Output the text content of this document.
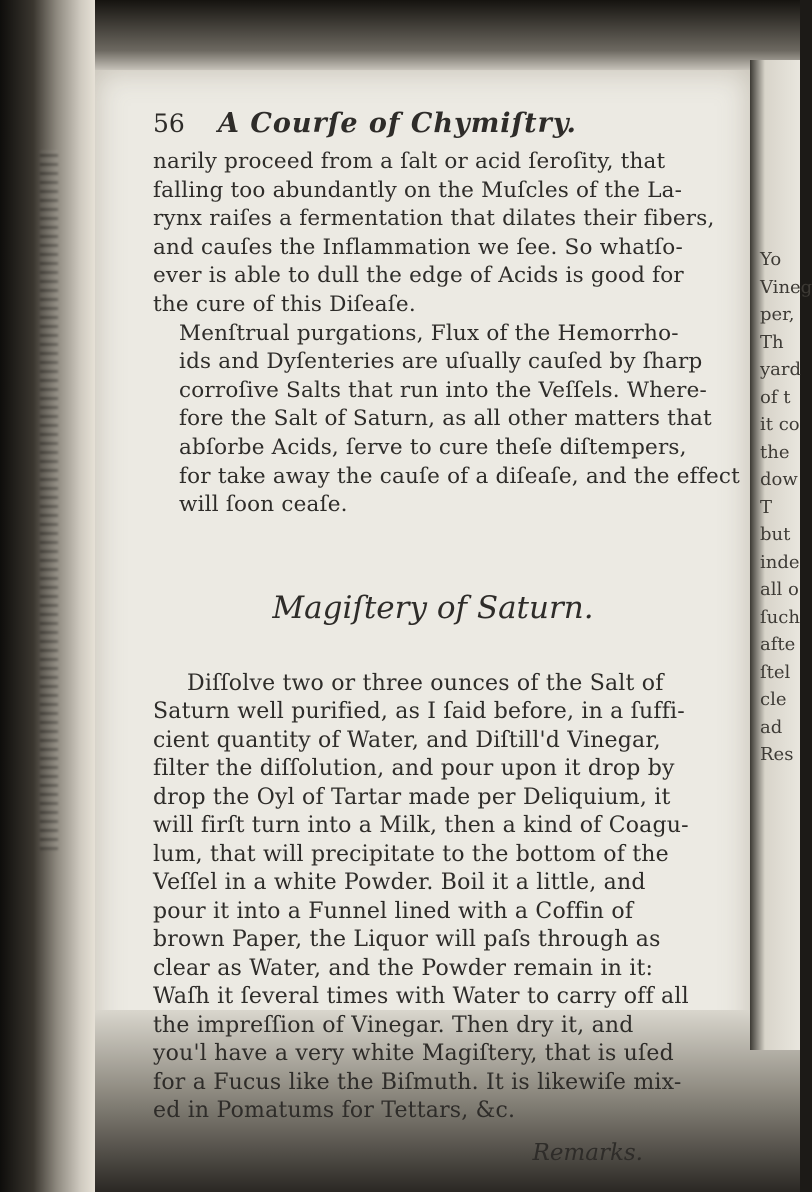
Yo
Vineg
per,
Th
yard
of t
it co
the
dow
T
but
inde
all o
ſuch
afte
ſtel
cle
ad
Res
56	A Courſe of Chymiſtry.

narily proceed from a ſalt or acid ſeroſity, that
falling too abundantly on the Muſcles of the La-
rynx raiſes a fermentation that dilates their fibers,
and cauſes the Inflammation we ſee. So whatſo-
ever is able to dull the edge of Acids is good for
the cure of this Diſeaſe.

Menſtrual purgations, Flux of the Hemorrho-
ids and Dyſenteries are uſually cauſed by ſharp
corroſive Salts that run into the Veſſels. Where-
fore the Salt of Saturn, as all other matters that
abſorbe Acids, ſerve to cure theſe diſtempers,
for take away the cauſe of a diſeaſe, and the effect
will ſoon ceaſe.

Magiſtery of Saturn.

Diſſolve two or three ounces of the Salt of
Saturn well purified, as I ſaid before, in a ſuffi-
cient quantity of Water, and Diſtill'd Vinegar,
filter the diſſolution, and pour upon it drop by
drop the Oyl of Tartar made per Deliquium, it
will firſt turn into a Milk, then a kind of Coagu-
lum, that will precipitate to the bottom of the
Veſſel in a white Powder. Boil it a little, and
pour it into a Funnel lined with a Coffin of
brown Paper, the Liquor will paſs through as
clear as Water, and the Powder remain in it:
Waſh it ſeveral times with Water to carry off all
the impreſſion of Vinegar. Then dry it, and
you'l have a very white Magiſtery, that is uſed
for a Fucus like the Biſmuth. It is likewiſe mix-
ed in Pomatums for Tettars, &c.

Remarks.
